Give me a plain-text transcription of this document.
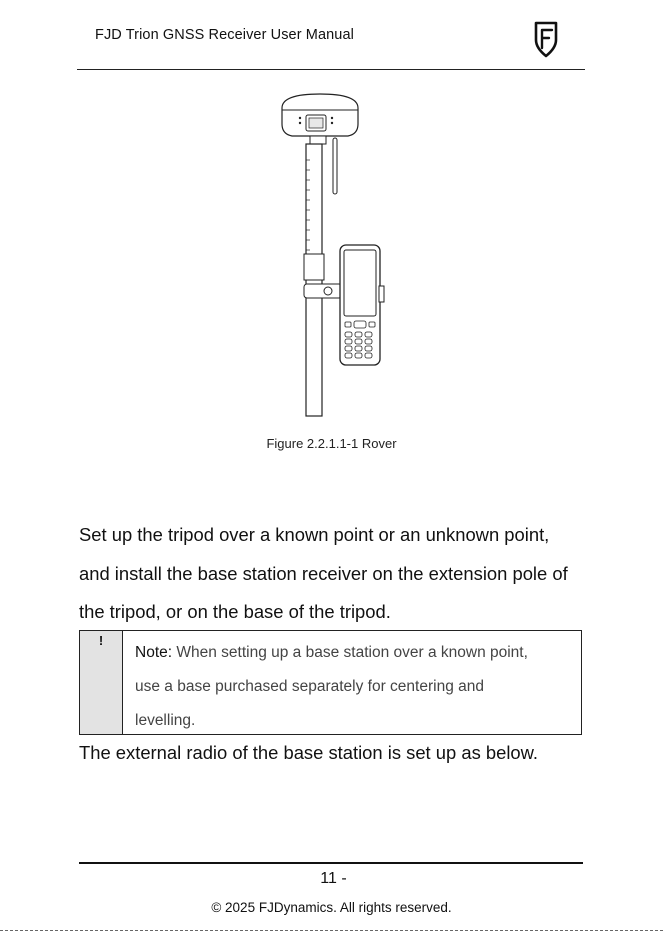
FJD Trion GNSS Receiver User Manual
Figure 2.2.1.1-1 Rover
Set up the tripod over a known point or an unknown point,
and install the base station receiver on the extension pole of
the tripod, or on the base of the tripod.
!
Note: When setting up a base station over a known point,
use a base purchased separately for centering and
levelling.
The external radio of the base station is set up as below.
11 -
© 2025 FJDynamics. All rights reserved.
